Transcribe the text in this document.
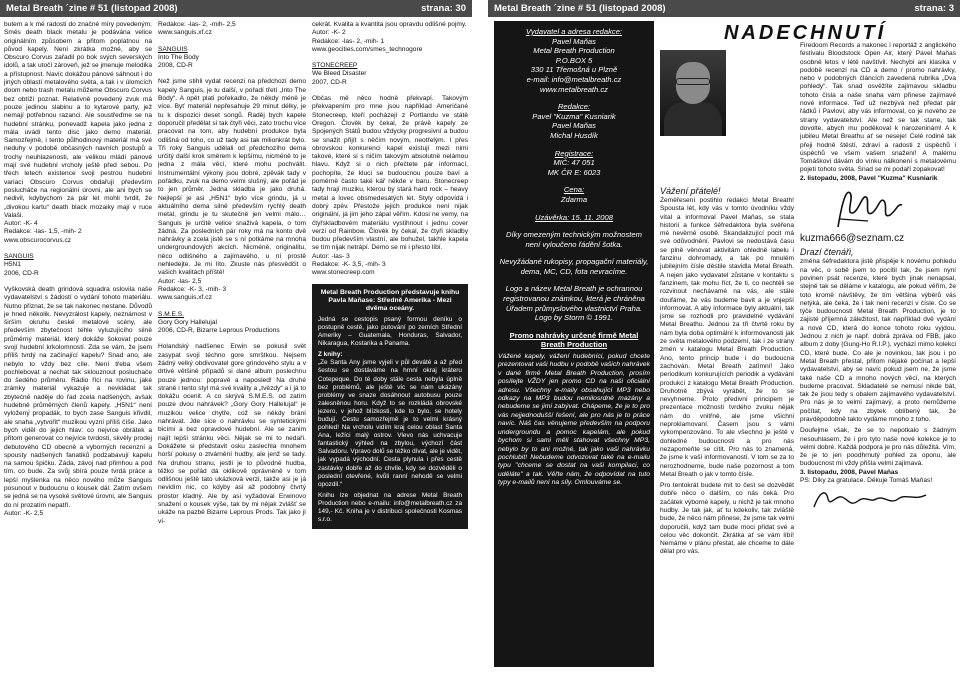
Metal Breath ´zine # 51 (listopad 2008)	strana: 30

butem a k mé radosti do značné míry povedeným. Směs death black metalu je podávána velice originálním způsobem a přitom poplatnou na původ kapely. Není zkrátka možné, aby se Obscuro Corvus zařadil po bok svých severských idolů, a tak utočí zároveň, jež se jmenuje melodika a přístupnost. Navíc dokážou pánové sáhnout i do jiných oblastí metalového světa, a tak i v úlomcích doom nebo trash metalu můžeme Obscuro Corvus bez obtíží poznat. Relativně povedený zvuk má pouze jedinou slabinu a to kytarové party, jež nemají potřebnou razanci. Ale soustřeďme se na hudební stránku, ponevadž kapela jako jedna z mála uvádí tento disc jako demo materiál. Samozřejmě, i tento půlhodinový materiál má své neduhy v podobě občasných navních postupů a trochy neuhlazenosti, ale velikou mládí pánové mají své hudební vrcholy ještě před sebou. Po třech letech existence svoji pestrou hudební variaci Obscuro Corvus obdařují především poslucháče na regionální úrovni, ale ani bych se nedivil, kdybychom za pár let mohli tvrdit, že „divokou kartu“ death black mozaiky mají v ruce Valaši.

Autor: -K- 4

Redakce: -las- 1,5, -mih- 2

www.obscurocorvus.cz

SANGUIS

H5N1

2006, CD-R

Vyškovská death grindová squadra oslovila naše vydavatelství s žádostí o vydání tohoto materiálu. Nutno přiznat, že se tak nakonec nestane. Důvodů je hned několik. Nevyzrálost kapely, neznámost v širším okruhu české metalové scény, ale především zbytečnost téhle vyluzujícího silně průměrný materiál, který dokáže šokovat pouze svojí hudební krkolomností. Zda se vám, že jsem příliš tvrdý na začínající kapelu? Snad ano, ale nebylo to vždy bez cíle. Není třeba všem pochlebovat a nechat tak sklouznout posluchače do šedého průměru. Rádio říci na rovinu, jaké zrámky materiál vykazuje a nevkládat tak zbytečně naděje do řad zcela nadšených, avšak hudebně průměrných členů kapely. „H5N1“ není vyložený propadák, to bych zase Sanguis křivdil, ale snaha „vytvořit“ muzikou vyzní příliš číše. Jako bych viděl do jejich hlav: co nejvíce obrátek a přitom generovat co nejvíce tvrdosti, skvěly prodej debutového CD obecně a vyborných recenzní a spousty nadšených fanatiků podzabavují kapelu na samou špičku. Záda, závoj nad přimhou a pod tím, co bude. Za svůj sbírá pouze tvrdá práce a lepší myšlenka na něco nového může Sanguis posunout v budoucnu o kousek dál. Zatím ovšem se jedná se na vysoké světové úrovni, ale Sanguis do ní prozatím nepatří.

Autor: -K- 2,5

Redakce: -las- 2, -mih- 2,5

www.sanguis.xf.cz

SANGUIS

Into The Body

2008, CD-R

Než jsme stihli vydat recenzi na předchozí demo kapely Sanguis, je tu další, v pořadí třetí „Into The Body“. A opět plati pořekadlo, že někdy méně je více. Byť materiál nepřesahuje 29 minut délky, je tu k dispozici deset songů. Raděj bych kapele doporučil předělat si tak čtyři věci, zato trochu více pracovat na tom, aby hudební produkce byla odlišná od toho, co už tady asi tak milionkrát bylo. Tři roky Sanguis udělali od předchozího dema určitý další krok směrem k lepšímu, nicméně to je jedna z mála věcí, které mohu pochválit. Instrumentální výkony jsou dobré, zpěvák tady v pořádku, zvuk na demo velmi slušný, ale pořád je to jen průměr. Jedna skladba je jako druhá. Nejlepší je asi „H5N1“ bylo více grindu, já u aktuálního dema silně především rychlý death metal, grindu je tu skutečně jen velmi málo… Sanguis je určitě velice snaživá kapela, o tom žádná. Za posledních pár roky má na konto dvě nahrávky a zcela jistě se s ní potkáme na mnoha undergroundových akcích. Nicméně, originalitu, něco odlišného a zajímavého, u ní prostě nehledejte. Je mi líto. Zkuste nás přesvědčit o vašich kvalitách příště!

Autor: -las- 2,5

Redakce: -K- 3, -mih- 3

www.sanguis.xf.cz

S.M.E.S.

Gory Gory Hallelujal

2006, CD-R, Bizarre Leprous Productions

Holandský nadšenec Erwin se pokusil svět zasypat svojí téchno gore smrštkou. Nejsem žádný velký obdivovatel gore grindového stylu a v drtivé většině případů si dané album poslechnu pouze jednou: popravě a naposled! Na druhé straně i tento styl má své kvality a „tvězdy“ a i já to dokážu ocenit. A co skrývá S.M.E.S. od zatím pouze dvou nahrávek? „Gory Gory Hallelujal“ je muzikou velice chytře, což se někdy brání nahrávat. Jde sice o nahrávku se syntetickými bicími a bez opravdové hudební. Ale se zanim najít lepší stránku věci. Nějak se mi to nedaří. Dokážete si představit osku zaslechla mnohem horší pokusy o ztvárnění hudby, ale jenž se tady. Na druhou stranu, jestli je to původně hudba, těžko se pořád dá oklikově oprávněně v tom odlišnou ještě tato ukázková verzi, takže asi je já nevidím nic, co kdyby asi až podobný čtvrtý prostor kladný. Ale by asi vyžadoval Erwinovo snažení o kousek výše, tak by mi nějak zvlášť se ukáže na pazbě Bizarre Leprous Prods. Tak jako jí ví-

cekrát. Kvalita a kvantita jsou opravdu odlišné pojmy.

Autor: -K- 2

Redakce: -las- 2, -mih- 1

www.geocities.com/smes_technogore

STONECREEP

We Bleed Disaster

2007, CD-R

Občas mě něco hodně překvapí. Takovým překvapením pro mne jsou například Američané Stonecreep, kteří pocházejí z Portlandu ve státě Oregon. Člověk by čekal, že právě kapely ze Spojených Států budou vždycky progresivní a budou se snažit přijít s něčím novým, neotřelým. I přes obrovskou konkurenci kapel existují mezi nimi takové, které si s ničím takovým absolutně nelámou hlavu. Když si o nich přečtete pár informací, pochopíte, že kluci se budoucnou pouze baví a poměrně často také kář někde v baru. Stonecreep tady hrají muziku, kterou by stará hard rock – heavy metal a lovec obsmedesátých let. Styly odpovídá i dobrý zpěv. Přestože jejich produkce není nijak originální, já jim jeho zápal věřím. Kdosi ne vemy, na čtyřskladbovém materiálu vystihnout i jednu cover verzi od Rainbow. Člověk by čekal, že čtyři skladby budou především vlastní, ale bohužel, takhle kapela se tím nijak netrápí. Demo se mi i přesto líbí.

Autor: -las- 3

Redakce: -K- 3,5, -mih- 3

www.stonecreep.com

Metal Breath Production představuje knihu Pavla Maňase: Středně Amerika - Mezi dvěma oceány.

Jedná se cestopis psaný formou deníku o postupně cestě, jako putování po zemích Střední Ameriky – Guatemala, Honduras, Salvador, Nikaragua, Kostarika a Panama.

Z knihy:

„Ze Santa Any jsme vyjeli v půl deváté a až před šestou se dostáváme na hrnní okraj kráteru Cotepeque. Do té doby stále cesta nebyla úplně bez problémů, ale ještě víc se nám ukázány problémy ve snaze dosáhnout autobusu pouze zalesněnou horu. Když to se rozkládá obrovské jezero, v jehož blízkosti, kde to bylo, se hotely budují. Cestu samozřejmě je to velmi krásný pohled! Na vrcholu vidím kraj celou oblast Santa Ana, ležíci malý ostrov. Vlevo nás uchvacuje fantastický výhled na zbylou, výchozí část Salvadoru. Vpravo dolů se téžko dívat, ale je vidět, jak vypadá východní. Cesta plynula i přes cestě zastávky dobře až do chvíle, kdy se dozvěděli o poslední otevřené, kvůli ranní nehodě se velmi opozdil.“

Knihu lze objednat na adrese Metal Breath Production nebo e-mailu: info@metalbreath.cz za 149,- Kč. Kniha je v distribuci společnosti Kosmas s.r.o.

Metal Breath ´zine # 51 (listopad 2008)	strana: 3

Vydavatel a adresa redakce:

Pavel Maňas

Metal Breath Production

P.O.BOX 5

330 11 Třemošná u Plzně

e-mail: info@metalbreath.cz

www.metalbreath.cz

Redakce:

Pavel "Kuzma" Kusniarik

Pavel Maňas

Michal Husdík

Registrace:

MIČ: 47 051

MK ČR E: 6023

Cena:

Zdarma

Uzávěrka: 15. 11. 2008

Díky omezeným technickým možnostem není vyloučeno řádění šotka.

Nevyžádané rukopisy, propagační materiály, dema, MC, CD, fota nevracíme.

Logo a název Metal Breath je ochrannou registrovanou známkou, která je chráněna Úřadem průmyslového vlastnictví Praha. Logo by Storm © 1991.

Promo nahrávky určené firmě Metal Breath Production

Vážené kapely, vážení hudebníci, pokud chcete prezentovat vaši hudbu v podobě vašich nahrávek v dané firmě Metal Breath Production, prosím posílejte VŽDY jen promo CD na naši oficiální adresu. Všechny e-maily obsahující MP3 nebo odkazy na MP3 budou nemilosrdně mazány a nebudeme se jimi zabývat. Chápeme, že je to pro vás nejjednodušší řešení, ale pro nás je to práce navíc. Náš čas věnujeme především na podporu undergroundu a pomoc kapelám, ale pokud bychom si sami měli stahovat všechny MP3, nebylo by to ani možné, tak jako vaši nahrávku pochlubit! Nebudeme odvozovat také na e-mailu typu "chceme se dostat na vaši kompilaci, co uděláte" a tak. Věřte nám, že odpovídat na tuto typy e-mailů není na síly. Omlouváme se.

NADECHNUTÍ

Vážení přátelé!

Zeměřesení postihlo redakci Metal Breath! Spousta lét, kdy vás v tomto úvodníku vždy vítal a informoval Pavel Maňas, se stala historií a funkce šéfredaktora byla svěřena mé nevěrné osobě. Skandalizující pocit má své odůvodnění. Pavlovi se nedostává času se plně věnovat aktivitám ohledně labelu i fanzinu dohromady, a tak po mnulém jubilejním čísle děstile stavidla Metal Breath. A nejen jako vydavatel zůstane v kontaktu s fanzinem, tak mohu říct, že ti, co nechtěli se rozvinout nechávamé na vás, ale stále doufáme, že vás budeme bavit a je vnjepší informovat. A aby informace byly aktuální, tak jsme se rozhodli pro pravidelné vydávání Metal Breathu. Jednou za tři čtvrtě roku by nám byla doba optimální k informovanosti jak ze světa metalového podzemí, tak i ze strany zmén v katalogu Metal Breath Production. Ano, tento princip bude i do budoucna zachován. Metal Breath zatímní! Jako periodikum konkurujících periodik a vydávání produkcí z katalogu Metal Breath Production. Druhotně zbývá vyrábět, že to se nevyhneme. Proto předivní principem je prezentace možnosti tvrdého zvuku nějak nám do vnitřně, ale jsme všichni neproklamovaní. Časem jsou s vámi vykompenzováno. To ale všechno je ještě v dohledné budoucnosti a pro nás nezapomeňte se cítit. Pro nás to znamená, že jsme k vaší informovanosti. V tom se za to nerozhodneme, bude naše pozornost a tom Metal Breath o jak v tomto čísle.

Pro tentokrát budete mít to čest se dozvědět dobře něco o dalším, co nás čeká. Pro začátek výborné kapely, u nichž je tak mnoho hudby. Je tak jak, ať tu kdekoliv, tak zvláště bude, že něco nám přinese, že jsme tak velmi doporučili, když tam bude moci přidat své a celou věc dokončit. Zkrátka ať se vám líbí! Nemáme v plánu přestat, ale chceme to dále dělat pro vás.

Firedoom Records a nakonec i reportáž z anglického festivalu Bloodstock Open Air, který Pavel Maňas osobně letos v létě navštívil. Nechybí ani klasika v podobě recenzí na CD a demo / promo nahrávky, nebo v podobných článcích zavedená rubrika „Dva pohledy“. Tak snad osvěžíte zajímavou skladbu tohoto čísla a naše snaha vám přinese zajímavé nové informace. Teď už nezbývá než předat pár řádků i Pavlovi, aby vás informoval, co je nového ze strany vydavatelství. Ale než se tak stane, tak dovolte, abych mu poděkoval k narozeninám! A k jubileu Metal Breathu ať se neseje! Celé rodině tak přeji hodně štěstí, zdraví a radosti z úspěchů i úspěchů ve všem vašem snažení! A malému Tomáškovi dávám do vínku nálkonení s metalovému pojetí tohoto světa. Snad se mi podaří zopakovat!

2. listopadu, 2008, Pavel "Kuzma" Kusniarik

kuzma666@seznam.cz

Drazí čtenáři,

změna šéfredaktora jistě přispěje k novému pohledu na věc, o sobě jsem to pocítil tak, že jsem nyní povinen psát recenze, které bych jinak nenapsal, stejně tak se děláme v katalogu, ale pokud věřím, že toto kromě návštěvy, že tím většina výběrů vás netýká, ale čeká, že i tak není recenzí v čísle. Co se týče budoucnosti Metal Breath Production, je to zajisté příjemná záležitost, tak například dvě vydání a nové CD, která do konce tohoto roku vyjdou. Jednou z nich je např. dobrá zpráva od FBB, jako album z doby (Gung-Ho R.I.P.), vychází mimo kolekci CD, které bude. Co ale je novinkou, tak jsou i po Metal Breath přestal, přitom nějaké počínat a lepší vydavatelství, aby se navíc pokud jsem ne, že jsme také naše CD a mnoho nových věcí, na kterých budeme pracovat. Skladatelé se nemusí nikde bát, tak že jsou tedy s obalem zajímavého vydavatelství. Pro nás je to velmi zajímavý, a proto nemůžeme počítat, kdy na zbytek oblíbený tak, že pravděpodobně takto vydáme mnoho z toho.

Doufejme však, že se to nepotkalo s žádným nesouhlasem, že i pro tyto naše nové kolekce je to velmi dobré. Každá podpora je pro nás důležitá. Vím, že je to jen poodhrnutý pohled za oponu, ale budoucnost mi vždy přišla velmi zajímavá.

3. listopadu, 2008, Pavel Maňas

PS: Díky za gratulace. Děkuje Tomáš Maňas!
